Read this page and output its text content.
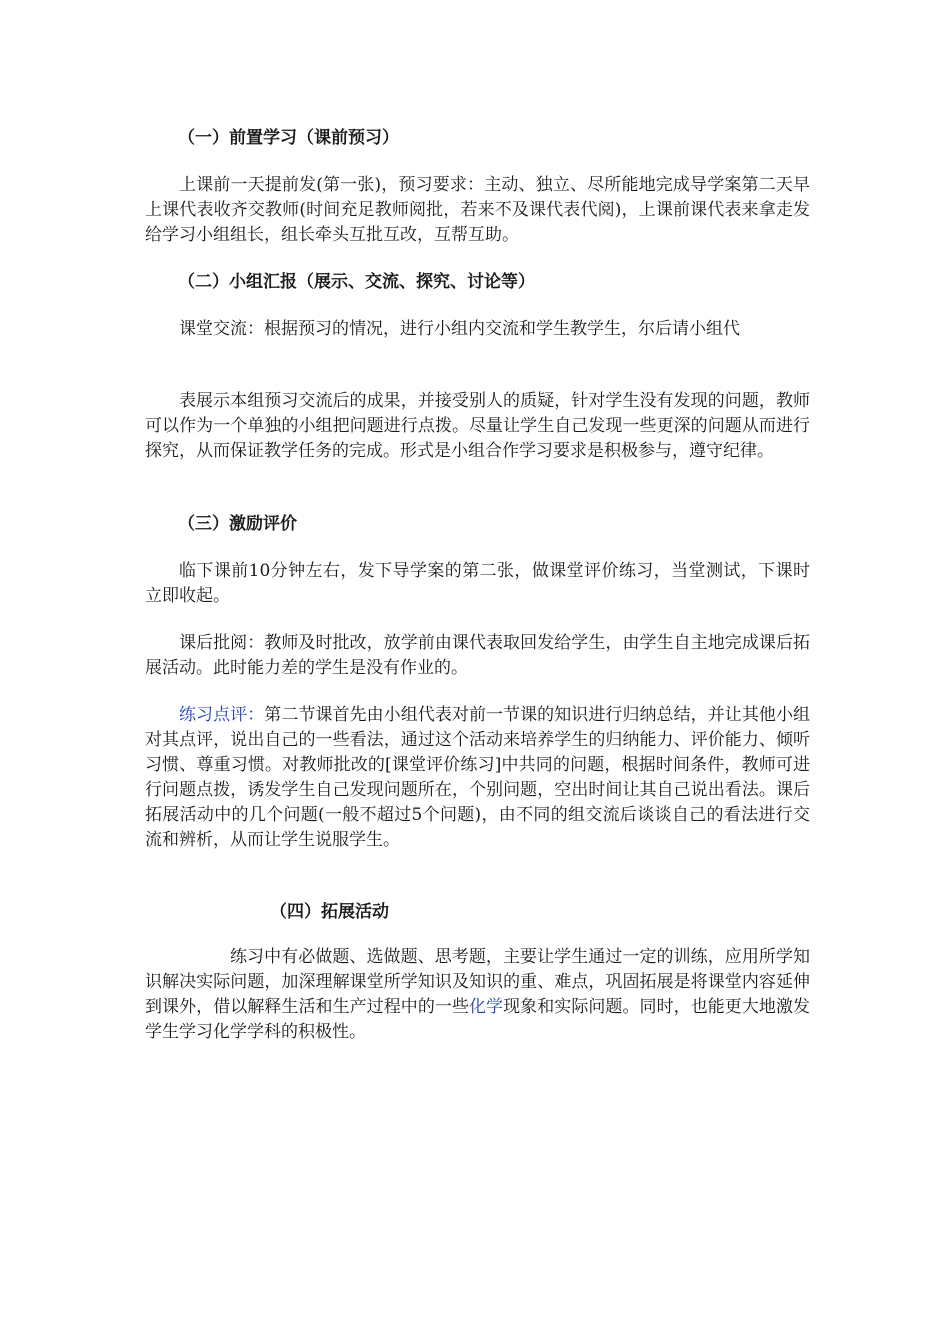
（一）前置学习（课前预习）

上课前一天提前发(第一张)，预习要求：主动、独立、尽所能地完成导学案第二天早上课代表收齐交教师(时间充足教师阅批，若来不及课代表代阅)，上课前课代表来拿走发给学习小组组长，组长牵头互批互改，互帮互助。

（二）小组汇报（展示、交流、探究、讨论等）

课堂交流：根据预习的情况，进行小组内交流和学生教学生，尔后请小组代

表展示本组预习交流后的成果，并接受别人的质疑，针对学生没有发现的问题，教师可以作为一个单独的小组把问题进行点拨。尽量让学生自己发现一些更深的问题从而进行探究，从而保证教学任务的完成。形式是小组合作学习要求是积极参与，遵守纪律。

（三）激励评价

临下课前10分钟左右，发下导学案的第二张，做课堂评价练习，当堂测试，下课时立即收起。

课后批阅：教师及时批改，放学前由课代表取回发给学生，由学生自主地完成课后拓展活动。此时能力差的学生是没有作业的。

练习点评：第二节课首先由小组代表对前一节课的知识进行归纳总结，并让其他小组对其点评，说出自己的一些看法，通过这个活动来培养学生的归纳能力、评价能力、倾听习惯、尊重习惯。对教师批改的[课堂评价练习]中共同的问题，根据时间条件，教师可进行问题点拨，诱发学生自己发现问题所在，个别问题，空出时间让其自己说出看法。课后拓展活动中的几个问题(一般不超过5个问题)，由不同的组交流后谈谈自己的看法进行交流和辨析，从而让学生说服学生。

（四）拓展活动

练习中有必做题、选做题、思考题，主要让学生通过一定的训练，应用所学知识解决实际问题，加深理解课堂所学知识及知识的重、难点，巩固拓展是将课堂内容延伸到课外，借以解释生活和生产过程中的一些化学现象和实际问题。同时，也能更大地激发学生学习化学学科的积极性。
